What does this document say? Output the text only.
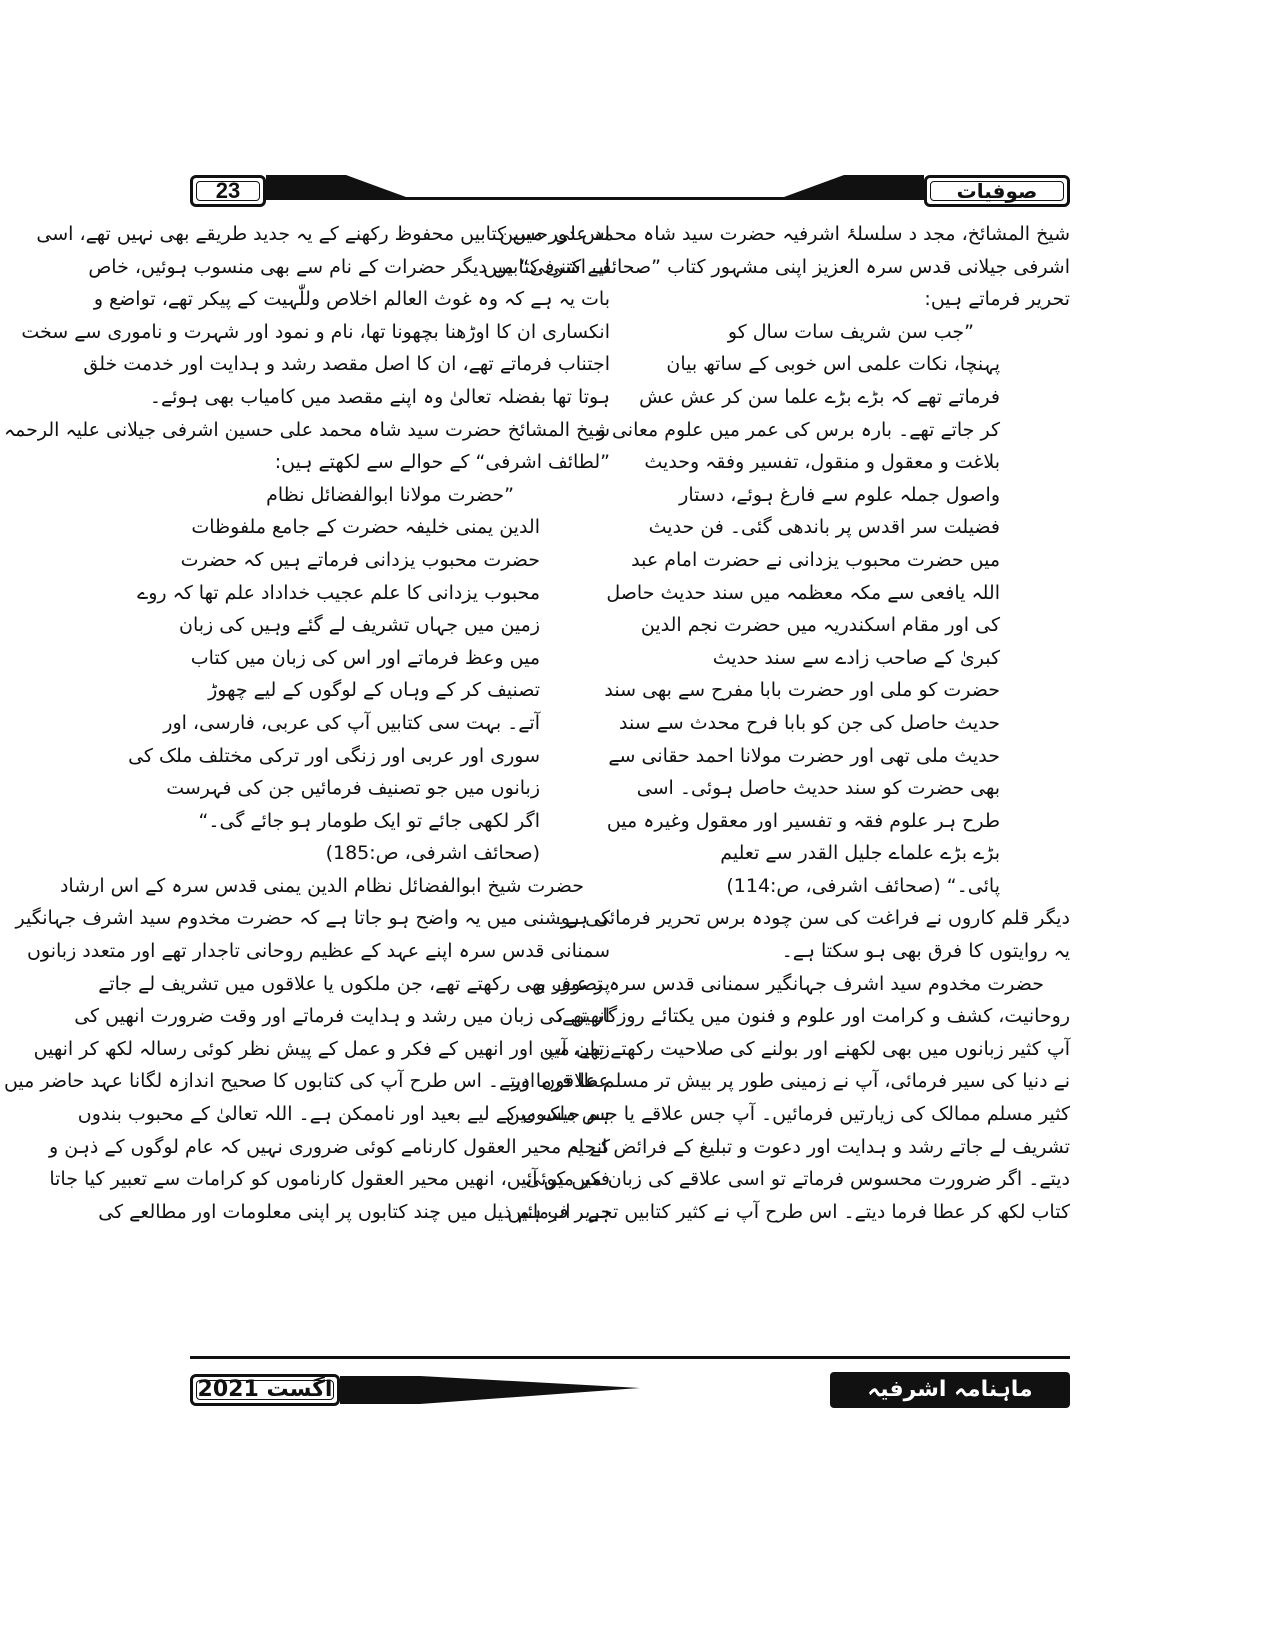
23	صوفیات
شیخ المشائخ، مجد د سلسلۂ اشرفیہ حضرت سید شاہ محمد علی حسین
اشرفی جیلانی قدس سرہ العزیز اپنی مشہور کتاب ”صحائف اشرفی“ میں
تحریر فرماتے ہیں:
”جب سن شریف سات سال کو
پہنچا، نکات علمی اس خوبی کے ساتھ بیان
فرماتے تھے کہ بڑے بڑے علما سن کر عش عش
کر جاتے تھے۔ بارہ برس کی عمر میں علوم معانی و
بلاغت و معقول و منقول، تفسیر وفقہ وحدیث
واصول جملہ علوم سے فارغ ہوئے، دستار
فضیلت سر اقدس پر باندھی گئی۔ فن حدیث
میں حضرت محبوب یزدانی نے حضرت امام عبد
اللہ یافعی سے مکہ معظمہ میں سند حدیث حاصل
کی اور مقام اسکندریہ میں حضرت نجم الدین
کبریٰ کے صاحب زادے سے سند حدیث
حضرت کو ملی اور حضرت بابا مفرح سے بھی سند
حدیث حاصل کی جن کو بابا فرح محدث سے سند
حدیث ملی تھی اور حضرت مولانا احمد حقانی سے
بھی حضرت کو سند حدیث حاصل ہوئی۔ اسی
طرح ہر علوم فقہ و تفسیر اور معقول وغیرہ میں
بڑے بڑے علماے جلیل القدر سے تعلیم
پائی۔“ (صحائف اشرفی، ص:114)
دیگر قلم کاروں نے فراغت کی سن چودہ برس تحریر فرمائی ہے۔
یہ روایتوں کا فرق بھی ہو سکتا ہے۔
حضرت مخدوم سید اشرف جہانگیر سمنانی قدس سرہ تصوف و
روحانیت، کشف و کرامت اور علوم و فنون میں یکتائے روزگار تھے،
آپ کثیر زبانوں میں بھی لکھنے اور بولنے کی صلاحیت رکھتے تھے، آپ
نے دنیا کی سیر فرمائی، آپ نے زمینی طور پر بیش تر مسلم علاقوں اور
کثیر مسلم ممالک کی زیارتیں فرمائیں۔ آپ جس علاقے یا جس ملک میں
تشریف لے جاتے رشد و ہدایت اور دعوت و تبلیغ کے فرائض انجام
دیتے۔ اگر ضرورت محسوس فرماتے تو اسی علاقے کی زبان میں کوئی
کتاب لکھ کر عطا فرما دیتے۔ اس طرح آپ نے کثیر کتابیں تحریر فرمائیں۔
اس دور میں کتابیں محفوظ رکھنے کے یہ جدید طریقے بھی نہیں تھے، اسی
لیے کتنی کتابیں دیگر حضرات کے نام سے بھی منسوب ہوئیں، خاص
بات یہ ہے کہ وہ غوث العالم اخلاص وللّٰہیت کے پیکر تھے، تواضع و
انکساری ان کا اوڑھنا بچھونا تھا، نام و نمود اور شہرت و ناموری سے سخت
اجتناب فرماتے تھے، ان کا اصل مقصد رشد و ہدایت اور خدمت خلق
ہوتا تھا بفضلہ تعالیٰ وہ اپنے مقصد میں کامیاب بھی ہوئے۔
شیخ المشائخ حضرت سید شاہ محمد علی حسین اشرفی جیلانی علیہ الرحمہ
”لطائف اشرفی“ کے حوالے سے لکھتے ہیں:
”حضرت مولانا ابوالفضائل نظام
الدین یمنی خلیفہ حضرت کے جامع ملفوظات
حضرت محبوب یزدانی فرماتے ہیں کہ حضرت
محبوب یزدانی کا علم عجیب خداداد علم تھا کہ روے
زمین میں جہاں تشریف لے گئے وہیں کی زبان
میں وعظ فرماتے اور اس کی زبان میں کتاب
تصنیف کر کے وہاں کے لوگوں کے لیے چھوڑ
آتے۔ بہت سی کتابیں آپ کی عربی، فارسی، اور
سوری اور عربی اور زنگی اور ترکی مختلف ملک کی
زبانوں میں جو تصنیف فرمائیں جن کی فہرست
اگر لکھی جائے تو ایک طومار ہو جائے گی۔“
(صحائف اشرفی، ص:185)
حضرت شیخ ابوالفضائل نظام الدین یمنی قدس سرہ کے اس ارشاد
کی روشنی میں یہ واضح ہو جاتا ہے کہ حضرت مخدوم سید اشرف جہانگیر
سمنانی قدس سرہ اپنے عہد کے عظیم روحانی تاجدار تھے اور متعدد زبانوں
پر عبور بھی رکھتے تھے، جن ملکوں یا علاقوں میں تشریف لے جاتے
انھیں کی زبان میں رشد و ہدایت فرماتے اور وقت ضرورت انھیں کی
زبان میں اور انھیں کے فکر و عمل کے پیش نظر کوئی رسالہ لکھ کر انھیں
عطا فرما دیتے۔ اس طرح آپ کی کتابوں کا صحیح اندازہ لگانا عہد حاضر میں
ہم جیسوں کے لیے بعید اور ناممکن ہے۔ اللہ تعالیٰ کے محبوب بندوں
کے یہ محیر العقول کارنامے کوئی ضروری نہیں کہ عام لوگوں کے ذہن و
فکر میں آئیں، انھیں محیر العقول کارناموں کو کرامات سے تعبیر کیا جاتا
ہے۔ اب ہم ذیل میں چند کتابوں پر اپنی معلومات اور مطالعے کی
اگست 2021	ماہنامہ اشرفیہ
